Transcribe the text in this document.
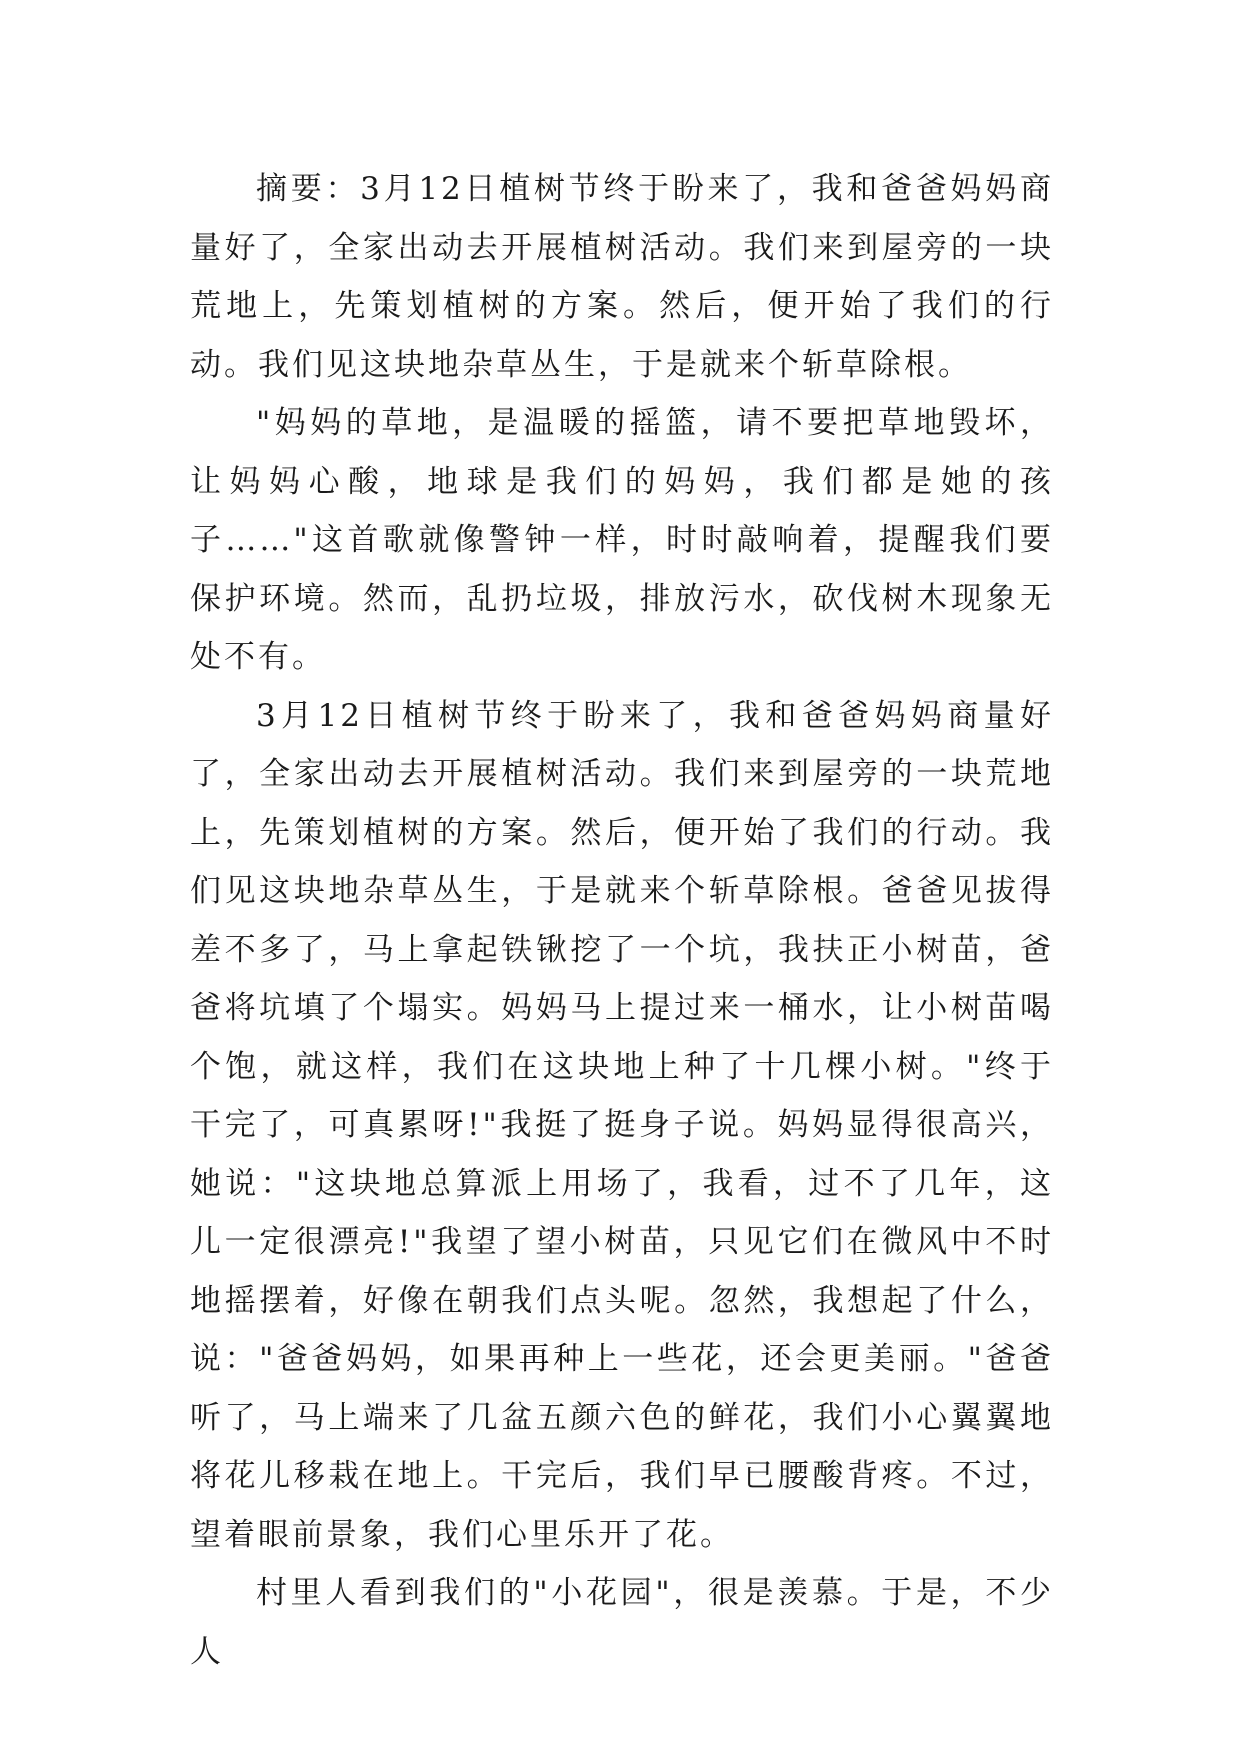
摘要：3月12日植树节终于盼来了，我和爸爸妈妈商量好了，全家出动去开展植树活动。我们来到屋旁的一块荒地上，先策划植树的方案。然后，便开始了我们的行动。我们见这块地杂草丛生，于是就来个斩草除根。

"妈妈的草地，是温暖的摇篮，请不要把草地毁坏，让妈妈心酸，地球是我们的妈妈，我们都是她的孩子……"这首歌就像警钟一样，时时敲响着，提醒我们要保护环境。然而，乱扔垃圾，排放污水，砍伐树木现象无处不有。

3月12日植树节终于盼来了，我和爸爸妈妈商量好了，全家出动去开展植树活动。我们来到屋旁的一块荒地上，先策划植树的方案。然后，便开始了我们的行动。我们见这块地杂草丛生，于是就来个斩草除根。爸爸见拔得差不多了，马上拿起铁锹挖了一个坑，我扶正小树苗，爸爸将坑填了个塌实。妈妈马上提过来一桶水，让小树苗喝个饱，就这样，我们在这块地上种了十几棵小树。"终于干完了，可真累呀!"我挺了挺身子说。妈妈显得很高兴，她说："这块地总算派上用场了，我看，过不了几年，这儿一定很漂亮!"我望了望小树苗，只见它们在微风中不时地摇摆着，好像在朝我们点头呢。忽然，我想起了什么，说："爸爸妈妈，如果再种上一些花，还会更美丽。"爸爸听了，马上端来了几盆五颜六色的鲜花，我们小心翼翼地将花儿移栽在地上。干完后，我们早已腰酸背疼。不过，望着眼前景象，我们心里乐开了花。

村里人看到我们的"小花园"，很是羡慕。于是，不少人
